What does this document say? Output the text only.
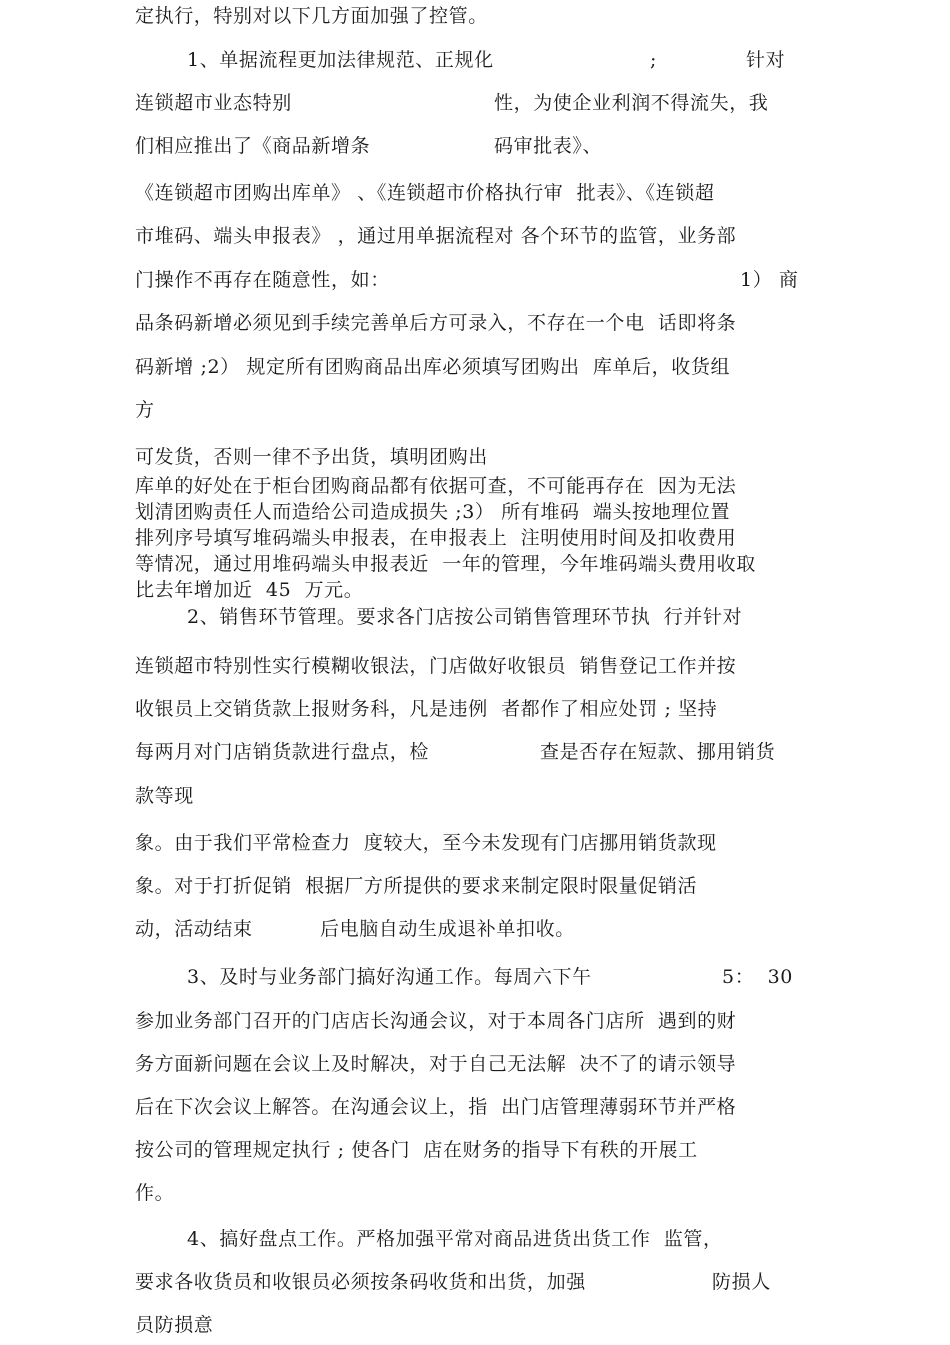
定执行，特别对以下几方面加强了控管。
1、单据流程更加法律规范、正规化	;	针对
连锁超市业态特别	性，为使企业利润不得流失，我
们相应推出了《商品新增条	码审批表》、
《连锁超市团购出库单》 、《连锁超市价格执行审  批表》、《连锁超
市堆码、端头申报表》 ，通过用单据流程对 各个环节的监管，业务部
门操作不再存在随意性，如：	1） 商
品条码新增必须见到手续完善单后方可录入，不存在一个电  话即将条
码新增 ;2） 规定所有团购商品出库必须填写团购出  库单后，收货组
方
可发货，否则一律不予出货，填明团购出
库单的好处在于柜台团购商品都有依据可查，不可能再存在  因为无法
划清团购责任人而造给公司造成损失 ;3） 所有堆码  端头按地理位置
排列序号填写堆码端头申报表，在申报表上  注明使用时间及扣收费用
等情况，通过用堆码端头申报表近  一年的管理，今年堆码端头费用收取
比去年增加近  45  万元。
2、销售环节管理。要求各门店按公司销售管理环节执  行并针对
连锁超市特别性实行模糊收银法，门店做好收银员  销售登记工作并按
收银员上交销货款上报财务科，凡是违例  者都作了相应处罚 ; 坚持
每两月对门店销货款进行盘点，检	查是否存在短款、挪用销货
款等现
象。由于我们平常检查力  度较大，至今未发现有门店挪用销货款现
象。对于打折促销  根据厂方所提供的要求来制定限时限量促销活
动，活动结束	后电脑自动生成退补单扣收。
3、及时与业务部门搞好沟通工作。每周六下午	5：  30
参加业务部门召开的门店店长沟通会议，对于本周各门店所  遇到的财
务方面新问题在会议上及时解决，对于自己无法解  决不了的请示领导
后在下次会议上解答。在沟通会议上，指  出门店管理薄弱环节并严格
按公司的管理规定执行 ; 使各门  店在财务的指导下有秩的开展工
作。
4、搞好盘点工作。严格加强平常对商品进货出货工作  监管，
要求各收货员和收银员必须按条码收货和出货，加强	防损人
员防损意
